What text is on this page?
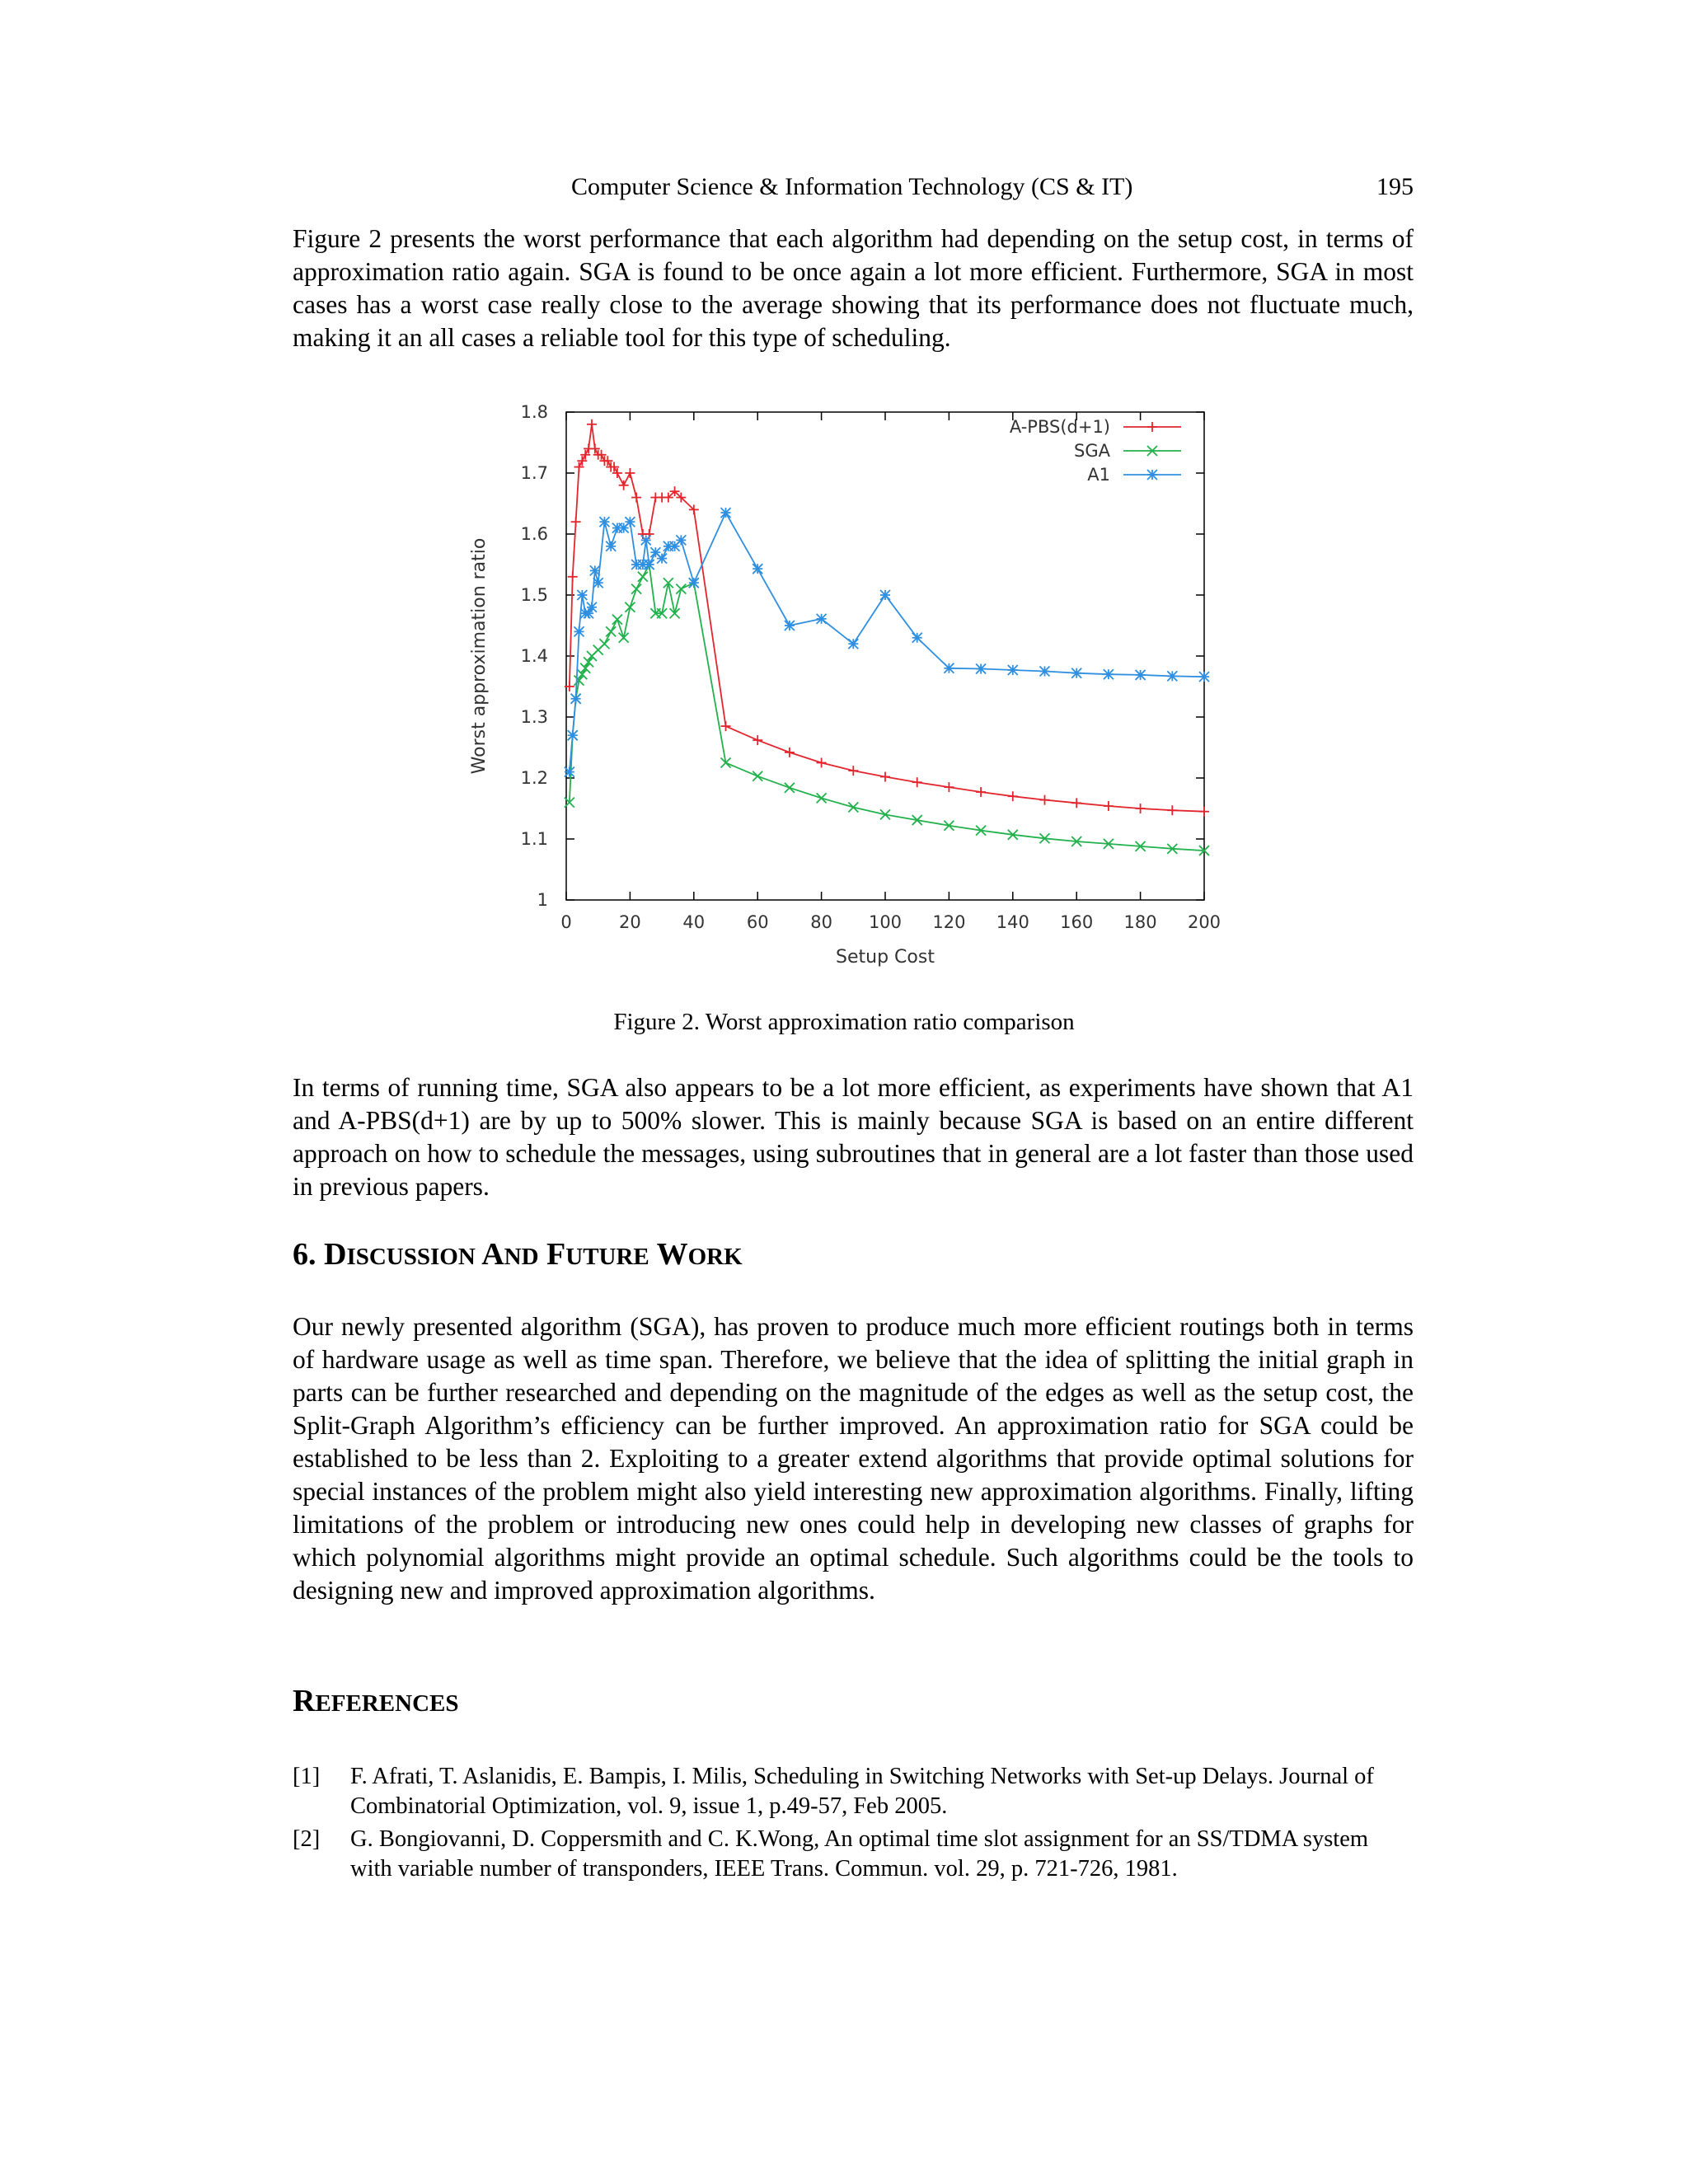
Computer Science & Information Technology (CS & IT)	195
Figure 2 presents the worst performance that each algorithm had depending on the setup cost, in terms of approximation ratio again. SGA is found to be once again a lot more efficient. Furthermore, SGA in most cases has a worst case really close to the average showing that its performance does not fluctuate much, making it an all cases a reliable tool for this type of scheduling.
1
1.1
1.2
1.3
1.4
1.5
1.6
1.7
1.8
0	20 40 60 80 100 120 140 160 180 200
Setup Cost
Worst approximation ratio
A-PBS(d+1)
SGA
A1
Figure 2. Worst approximation ratio comparison
In terms of running time, SGA also appears to be a lot more efficient, as experiments have shown that A1 and A-PBS(d+1) are by up to 500% slower. This is mainly because SGA is based on an entire different approach on how to schedule the messages, using subroutines that in general are a lot faster than those used in previous papers.
6. DISCUSSION AND FUTURE WORK
Our newly presented algorithm (SGA), has proven to produce much more efficient routings both in terms of hardware usage as well as time span. Therefore, we believe that the idea of splitting the initial graph in parts can be further researched and depending on the magnitude of the edges as well as the setup cost, the Split-Graph Algorithm’s efficiency can be further improved. An approximation ratio for SGA could be established to be less than 2. Exploiting to a greater extend algorithms that provide optimal solutions for special instances of the problem might also yield interesting new approximation algorithms. Finally, lifting limitations of the problem or introducing new ones could help in developing new classes of graphs for which polynomial algorithms might provide an optimal schedule. Such algorithms could be the tools to designing new and improved approximation algorithms.
REFERENCES
[1]	F. Afrati, T. Aslanidis, E. Bampis, I. Milis, Scheduling in Switching Networks with Set-up Delays. Journal of Combinatorial Optimization, vol. 9, issue 1, p.49-57, Feb 2005.
[2]	G. Bongiovanni, D. Coppersmith and C. K.Wong, An optimal time slot assignment for an SS/TDMA system with variable number of transponders, IEEE Trans. Commun. vol. 29, p. 721-726, 1981.
